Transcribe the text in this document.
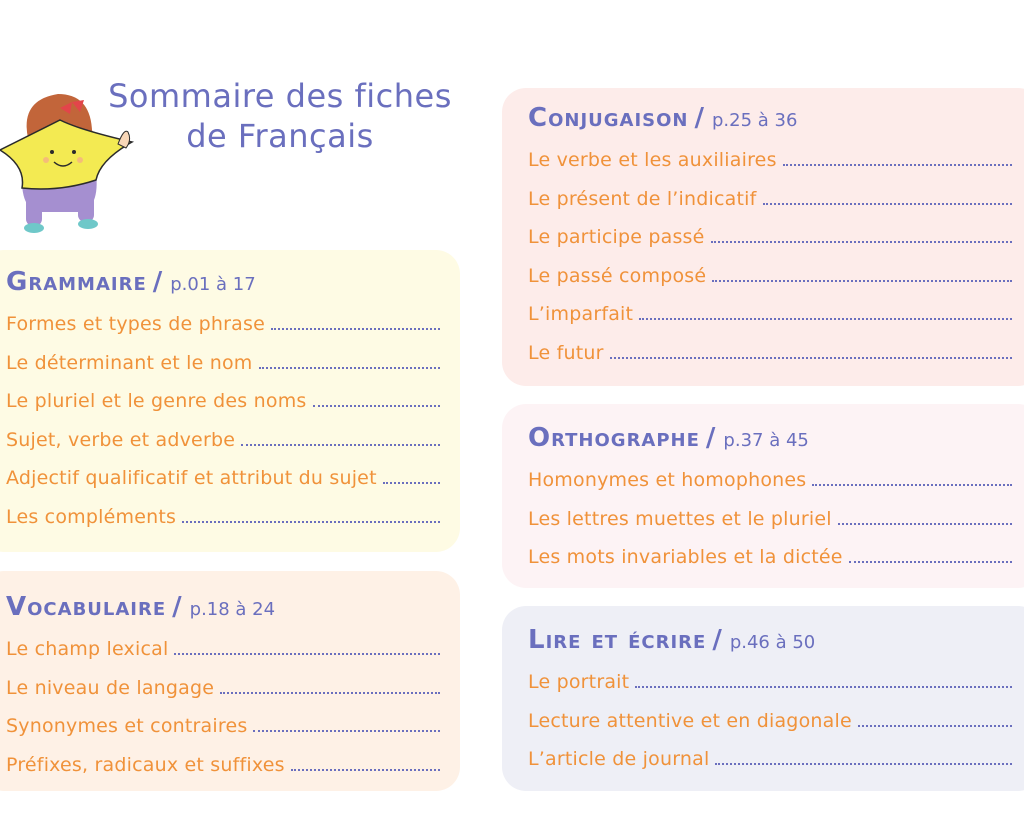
Sommaire des fiches
de Français
Grammaire / p.01 à 17
Formes et types de phrase
Le déterminant et le nom
Le pluriel et le genre des noms
Sujet, verbe et adverbe
Adjectif qualificatif et attribut du sujet
Les compléments
Vocabulaire / p.18 à 24
Le champ lexical
Le niveau de langage
Synonymes et contraires
Préfixes, radicaux et suffixes
Conjugaison / p.25 à 36
Le verbe et les auxiliaires
Le présent de l’indicatif
Le participe passé
Le passé composé
L’imparfait
Le futur
Orthographe / p.37 à 45
Homonymes et homophones
Les lettres muettes et le pluriel
Les mots invariables et la dictée
Lire et écrire / p.46 à 50
Le portrait
Lecture attentive et en diagonale
L’article de journal
